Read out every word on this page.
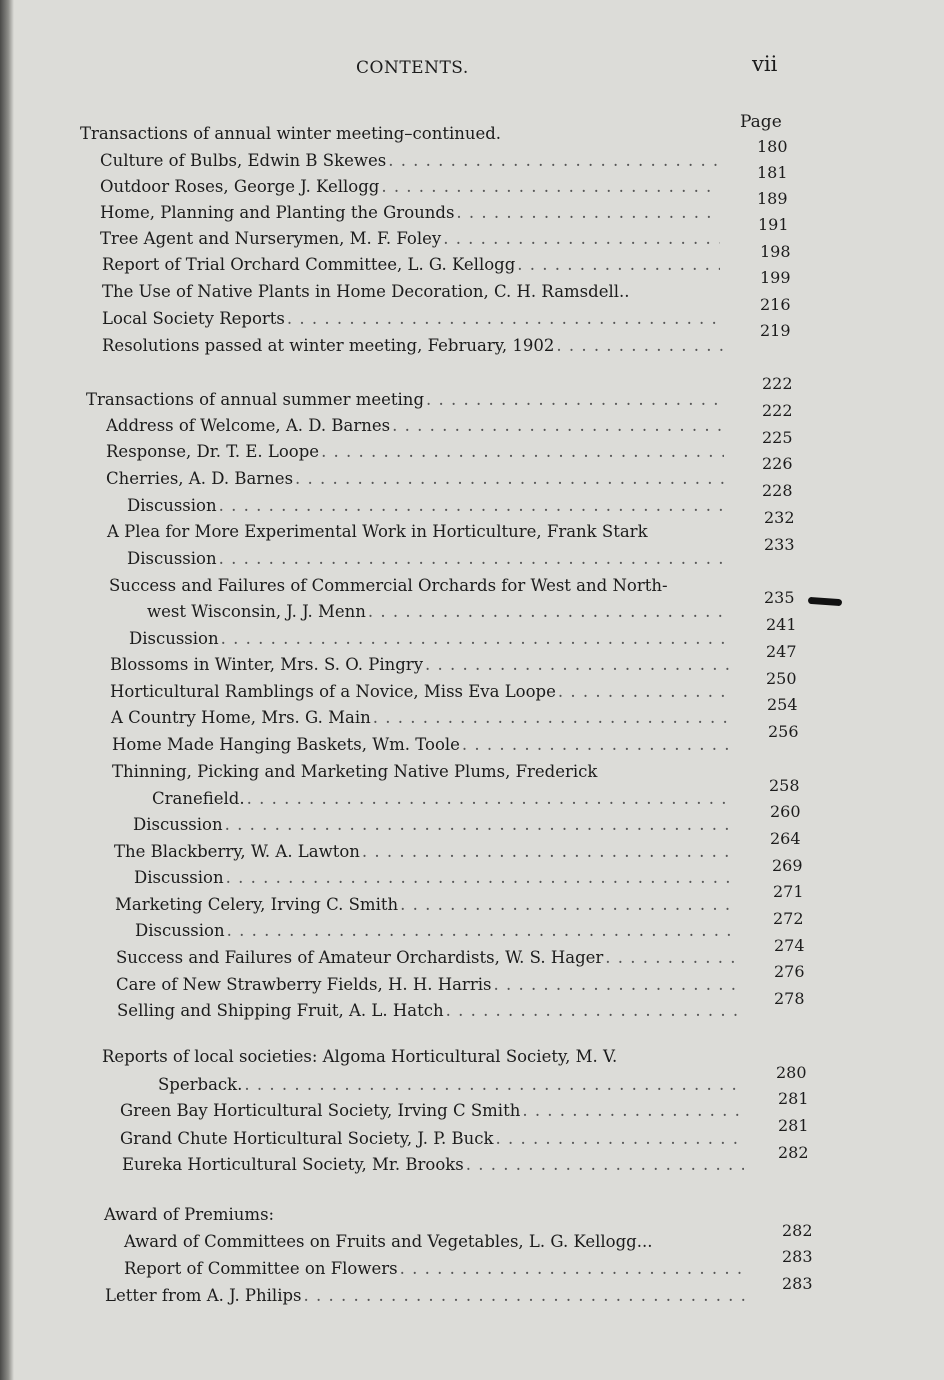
CONTENTS.	vii
Page
Transactions of annual winter meeting–continued.
Culture of Bulbs, Edwin B Skewes
. . .
180
Outdoor Roses, George J. Kellogg
. . .
181
Home, Planning and Planting the Grounds
. . .
189
Tree Agent and Nurserymen, M. F. Foley
. . .
191
Report of Trial Orchard Committee, L. G. Kellogg
. . .
198
The Use of Native Plants in Home Decoration, C. H. Ramsdell..
199
Local Society Reports
. . .
216
Resolutions passed at winter meeting, February, 1902
. . .
219
Transactions of annual summer meeting
. . .
222
Address of Welcome, A. D. Barnes
. . .
222
Response, Dr. T. E. Loope
. . .
225
Cherries, A. D. Barnes
. . .
226
Discussion
. . .
228
A Plea for More Experimental Work in Horticulture, Frank Stark
232
Discussion
. . .
233
Success and Failures of Commercial Orchards for West and North-
west Wisconsin, J. J. Menn
. . .
235
Discussion
. . .
241
Blossoms in Winter, Mrs. S. O. Pingry
. . .
247
Horticultural Ramblings of a Novice, Miss Eva Loope
. . .
250
A Country Home, Mrs. G. Main
. . .
254
Home Made Hanging Baskets, Wm. Toole
. . .
256
Thinning, Picking and Marketing Native Plums, Frederick
Cranefield.
. . .
258
Discussion
. . .
260
The Blackberry, W. A. Lawton
. . .
264
Discussion
. . .
269
Marketing Celery, Irving C. Smith
. . .
271
Discussion
. . .
272
Success and Failures of Amateur Orchardists, W. S. Hager
. . .
274
Care of New Strawberry Fields, H. H. Harris
. . .
276
Selling and Shipping Fruit, A. L. Hatch
. . .
278
Reports of local societies: Algoma Horticultural Society, M. V.
Sperback.
. . .
280
Green Bay Horticultural Society, Irving C Smith
. . .
281
Grand Chute Horticultural Society, J. P. Buck
. . .
281
Eureka Horticultural Society, Mr. Brooks
. . .
282
Award of Premiums:
Award of Committees on Fruits and Vegetables, L. G. Kellogg...
282
Report of Committee on Flowers
. . .
283
Letter from A. J. Philips
. . .
283
